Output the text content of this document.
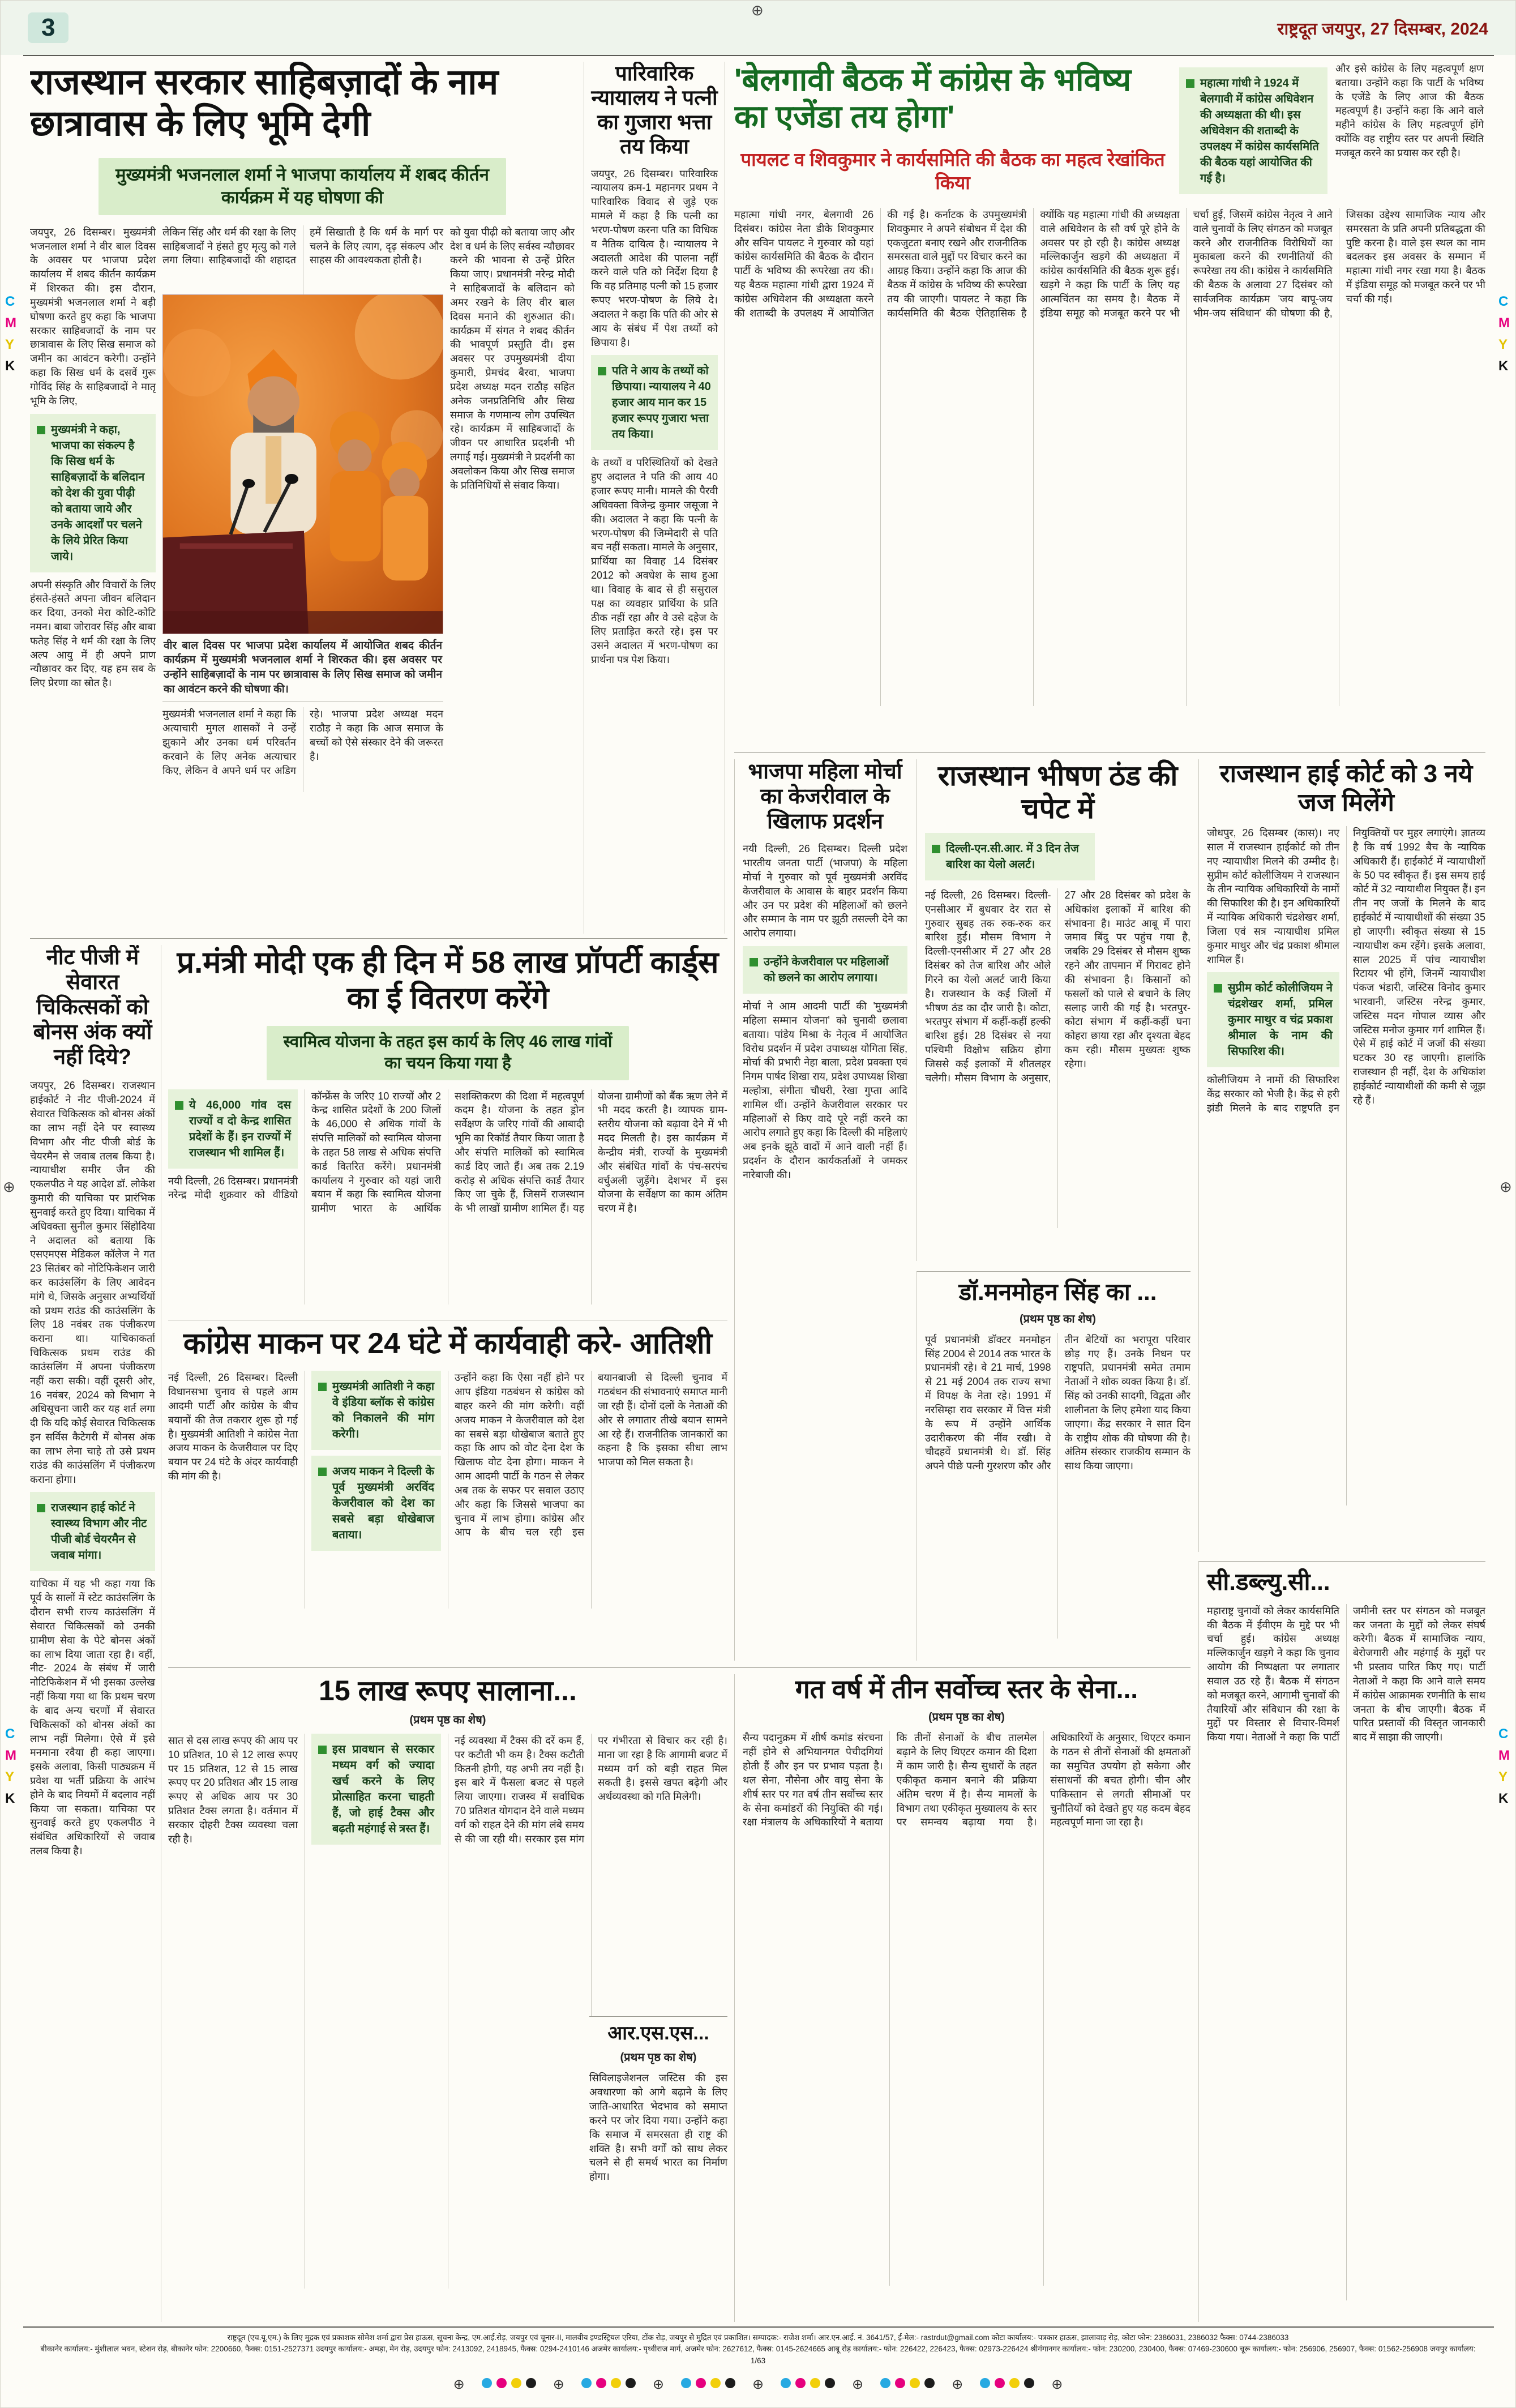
3	राष्ट्रदूत जयपुर, 27 दिसम्बर, 2024
⊕
⊕	⊕
C
M
Y
K
C
M
Y
K
C
M
Y
K
C
M
Y
K
राजस्थान सरकार साहिबज़ादों के नाम छात्रावास के लिए भूमि देगी
मुख्यमंत्री भजनलाल शर्मा ने भाजपा कार्यालय में शबद कीर्तन कार्यक्रम में यह घोषणा की

जयपुर, 26 दिसम्बर। मुख्यमंत्री भजनलाल शर्मा ने वीर बाल दिवस के अवसर पर भाजपा प्रदेश कार्यालय में शबद कीर्तन कार्यक्रम में शिरकत की। इस दौरान, मुख्यमंत्री भजनलाल शर्मा ने बड़ी घोषणा करते हुए कहा कि भाजपा सरकार साहिबजादों के नाम पर छात्रावास के लिए सिख समाज को जमीन का आवंटन करेगी। उन्होंने कहा कि सिख धर्म के दसवें गुरू गोविंद सिंह के साहिबजादों ने मातृ भूमि के लिए,

मुख्यमंत्री ने कहा, भाजपा का संकल्प है कि सिख धर्म के साहिबज़ादों के बलिदान को देश की युवा पीढ़ी को बताया जाये और उनके आदर्शों पर चलने के लिये प्रेरित किया जाये।

अपनी संस्कृति और विचारों के लिए हंसते-हंसते अपना जीवन बलिदान कर दिया, उनको मेरा कोटि-कोटि नमन। बाबा जोरावर सिंह और बाबा फतेह सिंह ने धर्म की रक्षा के लिए अल्प आयु में ही अपने प्राण न्यौछावर कर दिए, यह हम सब के लिए प्रेरणा का स्रोत है।

लेकिन सिंह और धर्म की रक्षा के लिए साहिबजादों ने हंसते हुए मृत्यु को गले लगा लिया। साहिबजादों की शहादत हमें सिखाती है कि धर्म के मार्ग पर चलने के लिए त्याग, दृढ़ संकल्प और साहस की आवश्यकता होती है।

वीर बाल दिवस पर भाजपा प्रदेश कार्यालय में आयोजित शबद कीर्तन कार्यक्रम में मुख्यमंत्री भजनलाल शर्मा ने शिरकत की। इस अवसर पर उन्होंने साहिबज़ादों के नाम पर छात्रावास के लिए सिख समाज को जमीन का आवंटन करने की घोषणा की।

मुख्यमंत्री भजनलाल शर्मा ने कहा कि अत्याचारी मुगल शासकों ने उन्हें झुकाने और उनका धर्म परिवर्तन करवाने के लिए अनेक अत्याचार किए, लेकिन वे अपने धर्म पर अडिग रहे। भाजपा प्रदेश अध्यक्ष मदन राठौड़ ने कहा कि आज समाज के बच्चों को ऐसे संस्कार देने की जरूरत है।

को युवा पीढ़ी को बताया जाए और देश व धर्म के लिए सर्वस्व न्यौछावर करने की भावना से उन्हें प्रेरित किया जाए। प्रधानमंत्री नरेन्द्र मोदी ने साहिबजादों के बलिदान को अमर रखने के लिए वीर बाल दिवस मनाने की शुरुआत की। कार्यक्रम में संगत ने शबद कीर्तन की भावपूर्ण प्रस्तुति दी। इस अवसर पर उपमुख्यमंत्री दीया कुमारी, प्रेमचंद बैरवा, भाजपा प्रदेश अध्यक्ष मदन राठौड़ सहित अनेक जनप्रतिनिधि और सिख समाज के गणमान्य लोग उपस्थित रहे। कार्यक्रम में साहिबजादों के जीवन पर आधारित प्रदर्शनी भी लगाई गई। मुख्यमंत्री ने प्रदर्शनी का अवलोकन किया और सिख समाज के प्रतिनिधियों से संवाद किया।

पारिवारिक न्यायालय ने पत्नी का गुजारा भत्ता तय किया

जयपुर, 26 दिसम्बर। पारिवारिक न्यायालय क्रम-1 महानगर प्रथम ने पारिवारिक विवाद से जुड़े एक मामले में कहा है कि पत्नी का भरण-पोषण करना पति का विधिक व नैतिक दायित्व है। न्यायालय ने अदालती आदेश की पालना नहीं करने वाले पति को निर्देश दिया है कि वह प्रतिमाह पत्नी को 15 हजार रूपए भरण-पोषण के लिये दे। अदालत ने कहा कि पति की ओर से आय के संबंध में पेश तथ्यों को छिपाया है।

पति ने आय के तथ्यों को छिपाया। न्यायालय ने 40 हजार आय मान कर 15 हजार रूपए गुजारा भत्ता तय किया।

के तथ्यों व परिस्थितियों को देखते हुए अदालत ने पति की आय 40 हजार रूपए मानी। मामले की पैरवी अधिवक्ता विजेन्द्र कुमार जसूजा ने की। अदालत ने कहा कि पत्नी के भरण-पोषण की जिम्मेदारी से पति बच नहीं सकता। मामले के अनुसार, प्रार्थिया का विवाह 14 दिसंबर 2012 को अवधेश के साथ हुआ था। विवाह के बाद से ही ससुराल पक्ष का व्यवहार प्रार्थिया के प्रति ठीक नहीं रहा और वे उसे दहेज के लिए प्रताड़ित करते रहे। इस पर उसने अदालत में भरण-पोषण का प्रार्थना पत्र पेश किया।

'बेलगावी बैठक में कांग्रेस के भविष्य का एजेंडा तय होगा'
पायलट व शिवकुमार ने कार्यसमिति की बैठक का महत्व रेखांकित किया
महात्मा गांधी ने 1924 में बेलगावी में कांग्रेस अधिवेशन की अध्यक्षता की थी। इस अधिवेशन की शताब्दी के उपलक्ष्य में कांग्रेस कार्यसमिति की बैठक यहां आयोजित की गई है।

और इसे कांग्रेस के लिए महत्वपूर्ण क्षण बताया। उन्होंने कहा कि पार्टी के भविष्य के एजेंडे के लिए आज की बैठक महत्वपूर्ण है। उन्होंने कहा कि आने वाले महीने कांग्रेस के लिए महत्वपूर्ण होंगे क्योंकि वह राष्ट्रीय स्तर पर अपनी स्थिति मजबूत करने का प्रयास कर रही है।

महात्मा गांधी नगर, बेलगावी 26 दिसंबर। कांग्रेस नेता डीके शिवकुमार और सचिन पायलट ने गुरुवार को यहां कांग्रेस कार्यसमिति की बैठक के दौरान पार्टी के भविष्य की रूपरेखा तय की। यह बैठक महात्मा गांधी द्वारा 1924 में कांग्रेस अधिवेशन की अध्यक्षता करने की शताब्दी के उपलक्ष्य में आयोजित की गई है। कर्नाटक के उपमुख्यमंत्री शिवकुमार ने अपने संबोधन में देश की एकजुटता बनाए रखने और राजनीतिक समरसता वाले मुद्दों पर विचार करने का आग्रह किया। उन्होंने कहा कि आज की बैठक में कांग्रेस के भविष्य की रूपरेखा तय की जाएगी। पायलट ने कहा कि कार्यसमिति की बैठक ऐतिहासिक है क्योंकि यह महात्मा गांधी की अध्यक्षता वाले अधिवेशन के सौ वर्ष पूरे होने के अवसर पर हो रही है। कांग्रेस अध्यक्ष मल्लिकार्जुन खड़गे की अध्यक्षता में कांग्रेस कार्यसमिति की बैठक शुरू हुई। खड़गे ने कहा कि पार्टी के लिए यह आत्मचिंतन का समय है। बैठक में इंडिया समूह को मजबूत करने पर भी चर्चा हुई, जिसमें कांग्रेस नेतृत्व ने आने वाले चुनावों के लिए संगठन को मजबूत करने और राजनीतिक विरोधियों का मुकाबला करने की रणनीतियों की रूपरेखा तय की। कांग्रेस ने कार्यसमिति की बैठक के अलावा 27 दिसंबर को सार्वजनिक कार्यक्रम 'जय बापू-जय भीम-जय संविधान' की घोषणा की है, जिसका उद्देश्य सामाजिक न्याय और समरसता के प्रति अपनी प्रतिबद्धता की पुष्टि करना है। वाले इस स्थल का नाम बदलकर इस अवसर के सम्मान में महात्मा गांधी नगर रखा गया है। बैठक में इंडिया समूह को मजबूत करने पर भी चर्चा की गई।

राजस्थान भीषण ठंड की चपेट में
दिल्ली-एन.सी.आर. में 3 दिन तेज बारिश का येलो अलर्ट।

नई दिल्ली, 26 दिसम्बर। दिल्ली-एनसीआर में बुधवार देर रात से गुरुवार सुबह तक रुक-रुक कर बारिश हुई। मौसम विभाग ने दिल्ली-एनसीआर में 27 और 28 दिसंबर को तेज बारिश और ओले गिरने का येलो अलर्ट जारी किया है। राजस्थान के कई जिलों में भीषण ठंड का दौर जारी है। कोटा, भरतपुर संभाग में कहीं-कहीं हल्की बारिश हुई। 28 दिसंबर से नया पश्चिमी विक्षोभ सक्रिय होगा जिससे कई इलाकों में शीतलहर चलेगी। मौसम विभाग के अनुसार, 27 और 28 दिसंबर को प्रदेश के अधिकांश इलाकों में बारिश की संभावना है। माउंट आबू में पारा जमाव बिंदु पर पहुंच गया है, जबकि 29 दिसंबर से मौसम शुष्क रहने और तापमान में गिरावट होने की संभावना है। किसानों को फसलों को पाले से बचाने के लिए सलाह जारी की गई है। भरतपुर-कोटा संभाग में कहीं-कहीं घना कोहरा छाया रहा और दृश्यता बेहद कम रही। मौसम मुख्यतः शुष्क रहेगा।

राजस्थान हाई कोर्ट को 3 नये जज मिलेंगे

जोधपुर, 26 दिसम्बर (कास)। नए साल में राजस्थान हाईकोर्ट को तीन नए न्यायाधीश मिलने की उम्मीद है। सुप्रीम कोर्ट कोलीजियम ने राजस्थान के तीन न्यायिक अधिकारियों के नामों की सिफारिश की है। इन अधिकारियों में न्यायिक अधिकारी चंद्रशेखर शर्मा, जिला एवं सत्र न्यायाधीश प्रमिल कुमार माथुर और चंद्र प्रकाश श्रीमाल शामिल हैं।

सुप्रीम कोर्ट कोलीजियम ने चंद्रशेखर शर्मा, प्रमिल कुमार माथुर व चंद्र प्रकाश श्रीमाल के नाम की सिफारिश की।

कोलीजियम ने नामों की सिफारिश केंद्र सरकार को भेजी है। केंद्र से हरी झंडी मिलने के बाद राष्ट्रपति इन नियुक्तियों पर मुहर लगाएंगे। ज्ञातव्य है कि वर्ष 1992 बैच के न्यायिक अधिकारी हैं। हाईकोर्ट में न्यायाधीशों के 50 पद स्वीकृत हैं। इस समय हाई कोर्ट में 32 न्यायाधीश नियुक्त हैं। इन तीन नए जजों के मिलने के बाद हाईकोर्ट में न्यायाधीशों की संख्या 35 हो जाएगी। स्वीकृत संख्या से 15 न्यायाधीश कम रहेंगे। इसके अलावा, साल 2025 में पांच न्यायाधीश रिटायर भी होंगे, जिनमें न्यायाधीश पंकज भंडारी, जस्टिस विनोद कुमार भारवानी, जस्टिस नरेन्द्र कुमार, जस्टिस मदन गोपाल व्यास और जस्टिस मनोज कुमार गर्ग शामिल हैं। ऐसे में हाई कोर्ट में जजों की संख्या घटकर 30 रह जाएगी। हालांकि राजस्थान ही नहीं, देश के अधिकांश हाईकोर्ट न्यायाधीशों की कमी से जूझ रहे हैं।

नीट पीजी में सेवारत चिकित्सकों को बोनस अंक क्यों नहीं दिये?

जयपुर, 26 दिसम्बर। राजस्थान हाईकोर्ट ने नीट पीजी-2024 में सेवारत चिकित्सक को बोनस अंकों का लाभ नहीं देने पर स्वास्थ्य विभाग और नीट पीजी बोर्ड के चेयरमैन से जवाब तलब किया है। न्यायाधीश समीर जैन की एकलपीठ ने यह आदेश डॉ. लोकेश कुमारी की याचिका पर प्रारंभिक सुनवाई करते हुए दिया। याचिका में अधिवक्ता सुनील कुमार सिंहोदिया ने अदालत को बताया कि एसएमएस मेडिकल कॉलेज ने गत 23 सितंबर को नोटिफिकेशन जारी कर काउंसलिंग के लिए आवेदन मांगे थे, जिसके अनुसार अभ्यर्थियों को प्रथम राउंड की काउंसलिंग के लिए 18 नवंबर तक पंजीकरण कराना था। याचिकाकर्ता चिकित्सक प्रथम राउंड की काउंसलिंग में अपना पंजीकरण नहीं करा सकी। वहीं दूसरी ओर, 16 नवंबर, 2024 को विभाग ने अधिसूचना जारी कर यह शर्त लगा दी कि यदि कोई सेवारत चिकित्सक इन सर्विस कैटेगरी में बोनस अंक का लाभ लेना चाहे तो उसे प्रथम राउंड की काउंसलिंग में पंजीकरण कराना होगा।

राजस्थान हाई कोर्ट ने स्वास्थ्य विभाग और नीट पीजी बोर्ड चेयरमैन से जवाब मांगा।

याचिका में यह भी कहा गया कि पूर्व के सालों में स्टेट काउंसलिंग के दौरान सभी राज्य काउंसलिंग में सेवारत चिकित्सकों को उनकी ग्रामीण सेवा के पेटे बोनस अंकों का लाभ दिया जाता रहा है। वहीं, नीट- 2024 के संबंध में जारी नोटिफिकेशन में भी इसका उल्लेख नहीं किया गया था कि प्रथम चरण के बाद अन्य चरणों में सेवारत चिकित्सकों को बोनस अंकों का लाभ नहीं मिलेगा। ऐसे में इसे मनमाना रवैया ही कहा जाएगा। इसके अलावा, किसी पाठ्यक्रम में प्रवेश या भर्ती प्रक्रिया के आरंभ होने के बाद नियमों में बदलाव नहीं किया जा सकता। याचिका पर सुनवाई करते हुए एकलपीठ ने संबंधित अधिकारियों से जवाब तलब किया है।

प्र.मंत्री मोदी एक ही दिन में 58 लाख प्रॉपर्टी कार्ड्स का ई वितरण करेंगे
स्वामित्व योजना के तहत इस कार्य के लिए 46 लाख गांवों का चयन किया गया है
ये 46,000 गांव दस राज्यों व दो केन्द्र शासित प्रदेशों के हैं। इन राज्यों में राजस्थान भी शामिल हैं।

नयी दिल्ली, 26 दिसम्बर। प्रधानमंत्री नरेन्द्र मोदी शुक्रवार को वीडियो कॉन्फ्रेंस के जरिए 10 राज्यों और 2 केन्द्र शासित प्रदेशों के 200 जिलों के 46,000 से अधिक गांवों के संपत्ति मालिकों को स्वामित्व योजना के तहत 58 लाख से अधिक संपत्ति कार्ड वितरित करेंगे। प्रधानमंत्री कार्यालय ने गुरुवार को यहां जारी बयान में कहा कि स्वामित्व योजना ग्रामीण भारत के आर्थिक सशक्तिकरण की दिशा में महत्वपूर्ण कदम है। योजना के तहत ड्रोन सर्वेक्षण के जरिए गांवों की आबादी भूमि का रिकॉर्ड तैयार किया जाता है और संपत्ति मालिकों को स्वामित्व कार्ड दिए जाते हैं। अब तक 2.19 करोड़ से अधिक संपत्ति कार्ड तैयार किए जा चुके हैं, जिसमें राजस्थान के भी लाखों ग्रामीण शामिल हैं। यह योजना ग्रामीणों को बैंक ऋण लेने में भी मदद करती है। व्यापक ग्राम-स्तरीय योजना को बढ़ावा देने में भी मदद मिलती है। इस कार्यक्रम में केन्द्रीय मंत्री, राज्यों के मुख्यमंत्री और संबंधित गांवों के पंच-सरपंच वर्चुअली जुड़ेंगे। देशभर में इस योजना के सर्वेक्षण का काम अंतिम चरण में है।

भाजपा महिला मोर्चा का केजरीवाल के खिलाफ प्रदर्शन

नयी दिल्ली, 26 दिसम्बर। दिल्ली प्रदेश भारतीय जनता पार्टी (भाजपा) के महिला मोर्चा ने गुरुवार को पूर्व मुख्यमंत्री अरविंद केजरीवाल के आवास के बाहर प्रदर्शन किया और उन पर प्रदेश की महिलाओं को छलने और सम्मान के नाम पर झूठी तसल्ली देने का आरोप लगाया।

उन्होंने केजरीवाल पर महिलाओं को छलने का आरोप लगाया।

मोर्चा ने आम आदमी पार्टी की 'मुख्यमंत्री महिला सम्मान योजना' को चुनावी छलावा बताया। पांडेय मिश्रा के नेतृत्व में आयोजित विरोध प्रदर्शन में प्रदेश उपाध्यक्ष योगिता सिंह, मोर्चा की प्रभारी नेहा बाला, प्रदेश प्रवक्ता एवं निगम पार्षद शिखा राय, प्रदेश उपाध्यक्ष शिखा मल्होत्रा, संगीता चौधरी, रेखा गुप्ता आदि शामिल थीं। उन्होंने केजरीवाल सरकार पर महिलाओं से किए वादे पूरे नहीं करने का आरोप लगाते हुए कहा कि दिल्ली की महिलाएं अब इनके झूठे वादों में आने वाली नहीं हैं। प्रदर्शन के दौरान कार्यकर्ताओं ने जमकर नारेबाजी की।

कांग्रेस माकन पर 24 घंटे में कार्यवाही करे- आतिशी

नई दिल्ली, 26 दिसम्बर। दिल्ली विधानसभा चुनाव से पहले आम आदमी पार्टी और कांग्रेस के बीच बयानों की तेज तकरार शुरू हो गई है। मुख्यमंत्री आतिशी ने कांग्रेस नेता अजय माकन के केजरीवाल पर दिए बयान पर 24 घंटे के अंदर कार्यवाही की मांग की है।

मुख्यमंत्री आतिशी ने कहा वे इंडिया ब्लॉक से कांग्रेस को निकालने की मांग करेगी।
अजय माकन ने दिल्ली के पूर्व मुख्यमंत्री अरविंद केजरीवाल को देश का सबसे बड़ा धोखेबाज बताया।

उन्होंने कहा कि ऐसा नहीं होने पर आप इंडिया गठबंधन से कांग्रेस को बाहर करने की मांग करेगी। वहीं अजय माकन ने केजरीवाल को देश का सबसे बड़ा धोखेबाज बताते हुए कहा कि आप को वोट देना देश के खिलाफ वोट देना होगा। माकन ने आम आदमी पार्टी के गठन से लेकर अब तक के सफर पर सवाल उठाए और कहा कि जिससे भाजपा का चुनाव में लाभ होगा। कांग्रेस और आप के बीच चल रही इस बयानबाजी से दिल्ली चुनाव में गठबंधन की संभावनाएं समाप्त मानी जा रही हैं। दोनों दलों के नेताओं की ओर से लगातार तीखे बयान सामने आ रहे हैं। राजनीतिक जानकारों का कहना है कि इसका सीधा लाभ भाजपा को मिल सकता है।

डॉ.मनमोहन सिंह का ...
(प्रथम पृष्ठ का शेष)

पूर्व प्रधानमंत्री डॉक्टर मनमोहन सिंह 2004 से 2014 तक भारत के प्रधानमंत्री रहे। वे 21 मार्च, 1998 से 21 मई 2004 तक राज्य सभा में विपक्ष के नेता रहे। 1991 में नरसिम्हा राव सरकार में वित्त मंत्री के रूप में उन्होंने आर्थिक उदारीकरण की नींव रखी। वे चौदहवें प्रधानमंत्री थे। डॉ. सिंह अपने पीछे पत्नी गुरशरण कौर और तीन बेटियों का भरापूरा परिवार छोड़ गए हैं। उनके निधन पर राष्ट्रपति, प्रधानमंत्री समेत तमाम नेताओं ने शोक व्यक्त किया है। डॉ. सिंह को उनकी सादगी, विद्वता और शालीनता के लिए हमेशा याद किया जाएगा। केंद्र सरकार ने सात दिन के राष्ट्रीय शोक की घोषणा की है। अंतिम संस्कार राजकीय सम्मान के साथ किया जाएगा।

सी.डब्ल्यु.सी...

महाराष्ट्र चुनावों को लेकर कार्यसमिति की बैठक में ईवीएम के मुद्दे पर भी चर्चा हुई। कांग्रेस अध्यक्ष मल्लिकार्जुन खड़गे ने कहा कि चुनाव आयोग की निष्पक्षता पर लगातार सवाल उठ रहे हैं। बैठक में संगठन को मजबूत करने, आगामी चुनावों की तैयारियों और संविधान की रक्षा के मुद्दों पर विस्तार से विचार-विमर्श किया गया। नेताओं ने कहा कि पार्टी जमीनी स्तर पर संगठन को मजबूत कर जनता के मुद्दों को लेकर संघर्ष करेगी। बैठक में सामाजिक न्याय, बेरोजगारी और महंगाई के मुद्दों पर भी प्रस्ताव पारित किए गए। पार्टी नेताओं ने कहा कि आने वाले समय में कांग्रेस आक्रामक रणनीति के साथ जनता के बीच जाएगी। बैठक में पारित प्रस्तावों की विस्तृत जानकारी बाद में साझा की जाएगी।

15 लाख रूपए सालाना...
(प्रथम पृष्ठ का शेष)

सात से दस लाख रूपए की आय पर 10 प्रतिशत, 10 से 12 लाख रूपए पर 15 प्रतिशत, 12 से 15 लाख रूपए पर 20 प्रतिशत और 15 लाख रूपए से अधिक आय पर 30 प्रतिशत टैक्स लगता है। वर्तमान में सरकार दोहरी टैक्स व्यवस्था चला रही है।

इस प्रावधान से सरकार मध्यम वर्ग को ज्यादा खर्च करने के लिए प्रोत्साहित करना चाहती हैं, जो हाई टैक्स और बढ़ती महंगाई से त्रस्त हैं।

नई व्यवस्था में टैक्स की दरें कम हैं, पर कटौती भी कम है। टैक्स कटौती कितनी होगी, यह अभी तय नहीं है। इस बारे में फैसला बजट से पहले लिया जाएगा। राजस्व में सर्वाधिक 70 प्रतिशत योगदान देने वाले मध्यम वर्ग को राहत देने की मांग लंबे समय से की जा रही थी। सरकार इस मांग पर गंभीरता से विचार कर रही है। माना जा रहा है कि आगामी बजट में मध्यम वर्ग को बड़ी राहत मिल सकती है। इससे खपत बढ़ेगी और अर्थव्यवस्था को गति मिलेगी।

आर.एस.एस...
(प्रथम पृष्ठ का शेष)

सिविलाइजेशनल जस्टिस की इस अवधारणा को आगे बढ़ाने के लिए जाति-आधारित भेदभाव को समाप्त करने पर जोर दिया गया। उन्होंने कहा कि समाज में समरसता ही राष्ट्र की शक्ति है। सभी वर्गों को साथ लेकर चलने से ही समर्थ भारत का निर्माण होगा।

गत वर्ष में तीन सर्वोच्च स्तर के सेना...
(प्रथम पृष्ठ का शेष)

सैन्य पदानुक्रम में शीर्ष कमांड संरचना नहीं होने से अभियानगत पेचीदगियां होती हैं और इन पर प्रभाव पड़ता है। थल सेना, नौसेना और वायु सेना के शीर्ष स्तर पर गत वर्ष तीन सर्वोच्च स्तर के सेना कमांडरों की नियुक्ति की गई। रक्षा मंत्रालय के अधिकारियों ने बताया कि तीनों सेनाओं के बीच तालमेल बढ़ाने के लिए थिएटर कमान की दिशा में काम जारी है। सैन्य सुधारों के तहत एकीकृत कमान बनाने की प्रक्रिया अंतिम चरण में है। सैन्य मामलों के विभाग तथा एकीकृत मुख्यालय के स्तर पर समन्वय बढ़ाया गया है। अधिकारियों के अनुसार, थिएटर कमान के गठन से तीनों सेनाओं की क्षमताओं का समुचित उपयोग हो सकेगा और संसाधनों की बचत होगी। चीन और पाकिस्तान से लगती सीमाओं पर चुनौतियों को देखते हुए यह कदम बेहद महत्वपूर्ण माना जा रहा है।

राष्ट्रदूत (एच.यू.एम.) के लिए मुद्रक एवं प्रकाशक सोमेश शर्मा द्वारा प्रेस हाऊस, सूचना केन्द्र, एम.आई.रोड़, जयपुर एवं चूनार-II, मालवीय इण्डस्ट्रियल एरिया, टोंक रोड़, जयपुर से मुद्रित एवं प्रकाशित। सम्पादक:- राजेश शर्मा। आर.एन.आई. नं. 3641/57, ई-मेल:- rastrdut@gmail.com कोटा कार्यालय:- पत्रकार हाऊस, झालावाड़ रोड़, कोटा फोन: 2386031, 2386032 फैक्स: 0744-2386033
बीकानेर कार्यालय:- मुंशीलाल भवन, स्टेशन रोड़, बीकानेर फोन: 2200660, फैक्स: 0151-2527371 उदयपुर कार्यालय:- अमड़ा, मेन रोड़, उदयपुर फोन: 2413092, 2418945, फैक्स: 0294-2410146 अजमेर कार्यालय:- पृथ्वीराज मार्ग, अजमेर फोन: 2627612, फैक्स: 0145-2624665 आबू रोड़ कार्यालय:- फोन: 226422, 226423, फैक्स: 02973-226424 श्रीगंगानगर कार्यालय:- फोन: 230200, 230400, फैक्स: 07469-230600 चूरू कार्यालय:- फोन: 256906, 256907, फैक्स: 01562-256908 जयपुर कार्यालय: 1/63
⊕	⊕	⊕	⊕	⊕	⊕	⊕
